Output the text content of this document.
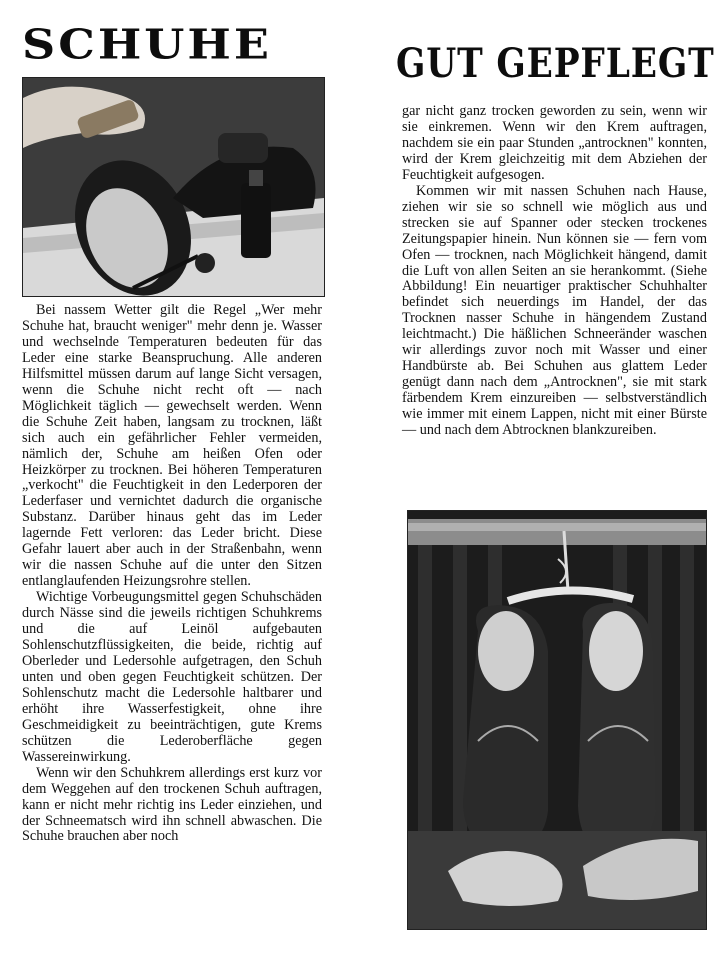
SCHUHE	GUT GEPFLEGT

Bei nassem Wetter gilt die Regel „Wer mehr Schuhe hat, braucht weniger" mehr denn je. Wasser und wechselnde Temperaturen bedeuten für das Leder eine starke Beanspruchung. Alle anderen Hilfsmittel müssen darum auf lange Sicht versagen, wenn die Schuhe nicht recht oft — nach Möglichkeit täglich — gewechselt werden. Wenn die Schuhe Zeit haben, langsam zu trocknen, läßt sich auch ein gefährlicher Fehler vermeiden, nämlich der, Schuhe am heißen Ofen oder Heizkörper zu trocknen. Bei höheren Temperaturen „verkocht" die Feuchtigkeit in den Lederporen der Lederfaser und vernichtet dadurch die organische Substanz. Darüber hinaus geht das im Leder lagernde Fett verloren: das Leder bricht. Diese Gefahr lauert aber auch in der Straßenbahn, wenn wir die nassen Schuhe auf die unter den Sitzen entlanglaufenden Heizungsrohre stellen.

Wichtige Vorbeugungsmittel gegen Schuhschäden durch Nässe sind die jeweils richtigen Schuhkrems und die auf Leinöl aufgebauten Sohlenschutzflüssigkeiten, die beide, richtig auf Oberleder und Ledersohle aufgetragen, den Schuh unten und oben gegen Feuchtigkeit schützen. Der Sohlenschutz macht die Ledersohle haltbarer und erhöht ihre Wasserfestigkeit, ohne ihre Geschmeidigkeit zu beeinträchtigen, gute Krems schützen die Lederoberfläche gegen Wassereinwirkung.

Wenn wir den Schuhkrem allerdings erst kurz vor dem Weggehen auf den trockenen Schuh auftragen, kann er nicht mehr richtig ins Leder einziehen, und der Schneematsch wird ihn schnell abwaschen. Die Schuhe brauchen aber noch

gar nicht ganz trocken geworden zu sein, wenn wir sie einkremen. Wenn wir den Krem auftragen, nachdem sie ein paar Stunden „antrocknen" konnten, wird der Krem gleichzeitig mit dem Abziehen der Feuchtigkeit aufgesogen.

Kommen wir mit nassen Schuhen nach Hause, ziehen wir sie so schnell wie möglich aus und strecken sie auf Spanner oder stecken trockenes Zeitungspapier hinein. Nun können sie — fern vom Ofen — trocknen, nach Möglichkeit hängend, damit die Luft von allen Seiten an sie herankommt. (Siehe Abbildung! Ein neuartiger praktischer Schuhhalter befindet sich neuerdings im Handel, der das Trocknen nasser Schuhe in hängendem Zustand leichtmacht.) Die häßlichen Schneeränder waschen wir allerdings zuvor noch mit Wasser und einer Handbürste ab. Bei Schuhen aus glattem Leder genügt dann nach dem „Antrocknen", sie mit stark färbendem Krem einzureiben — selbstverständlich wie immer mit einem Lappen, nicht mit einer Bürste — und nach dem Abtrocknen blankzureiben.
